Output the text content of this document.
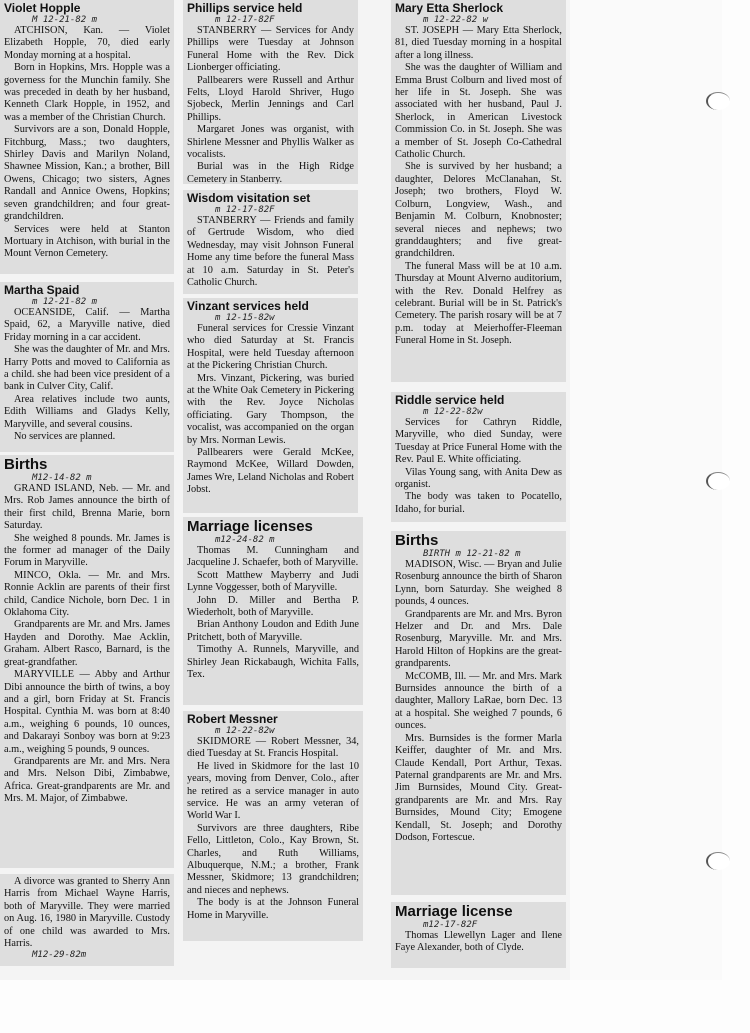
Violet Hopple
M 12-21-82 m

ATCHISON, Kan. — Violet Elizabeth Hopple, 70, died early Monday morning at a hospital.

Born in Hopkins, Mrs. Hopple was a governess for the Munchin family. She was preceded in death by her husband, Kenneth Clark Hopple, in 1952, and was a member of the Christian Church.

Survivors are a son, Donald Hopple, Fitchburg, Mass.; two daughters, Shirley Davis and Marilyn Noland, Shawnee Mission, Kan.; a brother, Bill Owens, Chicago; two sisters, Agnes Randall and Annice Owens, Hopkins; seven grandchildren; and four great-grandchildren.

Services were held at Stanton Mortuary in Atchison, with burial in the Mount Vernon Cemetery.

Martha Spaid
m 12-21-82 m

OCEANSIDE, Calif. — Martha Spaid, 62, a Maryville native, died Friday morning in a car accident.

She was the daughter of Mr. and Mrs. Harry Potts and moved to California as a child. she had been vice president of a bank in Culver City, Calif.

Area relatives include two aunts, Edith Williams and Gladys Kelly, Maryville, and several cousins.

No services are planned.

Births
M12-14-82 m

GRAND ISLAND, Neb. — Mr. and Mrs. Rob James announce the birth of their first child, Brenna Marie, born Saturday.

She weighed 8 pounds. Mr. James is the former ad manager of the Daily Forum in Maryville.

MINCO, Okla. — Mr. and Mrs. Ronnie Acklin are parents of their first child, Candice Nichole, born Dec. 1 in Oklahoma City.

Grandparents are Mr. and Mrs. James Hayden and Dorothy. Mae Acklin, Graham. Albert Rasco, Barnard, is the great-grandfather.

MARYVILLE — Abby and Arthur Dibi announce the birth of twins, a boy and a girl, born Friday at St. Francis Hospital. Cynthia M. was born at 8:40 a.m., weighing 6 pounds, 10 ounces, and Dakarayi Sonboy was born at 9:23 a.m., weighing 5 pounds, 9 ounces.

Grandparents are Mr. and Mrs. Nera and Mrs. Nelson Dibi, Zimbabwe, Africa. Great-grandparents are Mr. and Mrs. M. Major, of Zimbabwe.

A divorce was granted to Sherry Ann Harris from Michael Wayne Harris, both of Maryville. They were married on Aug. 16, 1980 in Maryville. Custody of one child was awarded to Mrs. Harris.

M12-29-82m
Phillips service held
m 12-17-82F

STANBERRY — Services for Andy Phillips were Tuesday at Johnson Funeral Home with the Rev. Dick Lionberger officiating.

Pallbearers were Russell and Arthur Felts, Lloyd Harold Shriver, Hugo Sjobeck, Merlin Jennings and Carl Phillips.

Margaret Jones was organist, with Shirlene Messner and Phyllis Walker as vocalists.

Burial was in the High Ridge Cemetery in Stanberry.

Wisdom visitation set
m 12-17-82F

STANBERRY — Friends and family of Gertrude Wisdom, who died Wednesday, may visit Johnson Funeral Home any time before the funeral Mass at 10 a.m. Saturday in St. Peter's Catholic Church.

Vinzant services held
m 12-15-82w

Funeral services for Cressie Vinzant who died Saturday at St. Francis Hospital, were held Tuesday afternoon at the Pickering Christian Church.

Mrs. Vinzant, Pickering, was buried at the White Oak Cemetery in Pickering with the Rev. Joyce Nicholas officiating. Gary Thompson, the vocalist, was accompanied on the organ by Mrs. Norman Lewis.

Pallbearers were Gerald McKee, Raymond McKee, Willard Dowden, James Wre, Leland Nicholas and Robert Jobst.

Marriage licenses
m12-24-82 m

Thomas M. Cunningham and Jacqueline J. Schaefer, both of Maryville.

Scott Matthew Mayberry and Judi Lynne Voggesser, both of Maryville.

John D. Miller and Bertha P. Wiederholt, both of Maryville.

Brian Anthony Loudon and Edith June Pritchett, both of Maryville.

Timothy A. Runnels, Maryville, and Shirley Jean Rickabaugh, Wichita Falls, Tex.

Robert Messner
m 12-22-82w

SKIDMORE — Robert Messner, 34, died Tuesday at St. Francis Hospital.

He lived in Skidmore for the last 10 years, moving from Denver, Colo., after he retired as a service manager in auto service. He was an army veteran of World War I.

Survivors are three daughters, Ribe Fello, Littleton, Colo., Kay Brown, St. Charles, and Ruth Williams, Albuquerque, N.M.; a brother, Frank Messner, Skidmore; 13 grandchildren; and nieces and nephews.

The body is at the Johnson Funeral Home in Maryville.

Mary Etta Sherlock
m 12-22-82 w

ST. JOSEPH — Mary Etta Sherlock, 81, died Tuesday morning in a hospital after a long illness.

She was the daughter of William and Emma Brust Colburn and lived most of her life in St. Joseph. She was associated with her husband, Paul J. Sherlock, in American Livestock Commission Co. in St. Joseph. She was a member of St. Joseph Co-Cathedral Catholic Church.

She is survived by her husband; a daughter, Delores McClanahan, St. Joseph; two brothers, Floyd W. Colburn, Longview, Wash., and Benjamin M. Colburn, Knobnoster; several nieces and nephews; two granddaughters; and five great-grandchildren.

The funeral Mass will be at 10 a.m. Thursday at Mount Alverno auditorium, with the Rev. Donald Helfrey as celebrant. Burial will be in St. Patrick's Cemetery. The parish rosary will be at 7 p.m. today at Meierhoffer-Fleeman Funeral Home in St. Joseph.

Riddle service held
m 12-22-82w

Services for Cathryn Riddle, Maryville, who died Sunday, were Tuesday at Price Funeral Home with the Rev. Paul E. White officiating.

Vilas Young sang, with Anita Dew as organist.

The body was taken to Pocatello, Idaho, for burial.

Births
BIRTH m 12-21-82 m

MADISON, Wisc. — Bryan and Julie Rosenburg announce the birth of Sharon Lynn, born Saturday. She weighed 8 pounds, 4 ounces.

Grandparents are Mr. and Mrs. Byron Helzer and Dr. and Mrs. Dale Rosenburg, Maryville. Mr. and Mrs. Harold Hilton of Hopkins are the great-grandparents.

McCOMB, Ill. — Mr. and Mrs. Mark Burnsides announce the birth of a daughter, Mallory LaRae, born Dec. 13 at a hospital. She weighed 7 pounds, 6 ounces.

Mrs. Burnsides is the former Marla Keiffer, daughter of Mr. and Mrs. Claude Kendall, Port Arthur, Texas. Paternal grandparents are Mr. and Mrs. Jim Burnsides, Mound City. Great-grandparents are Mr. and Mrs. Ray Burnsides, Mound City; Emogene Kendall, St. Joseph; and Dorothy Dodson, Fortescue.

Marriage license
m12-17-82F

Thomas Llewellyn Lager and Ilene Faye Alexander, both of Clyde.
